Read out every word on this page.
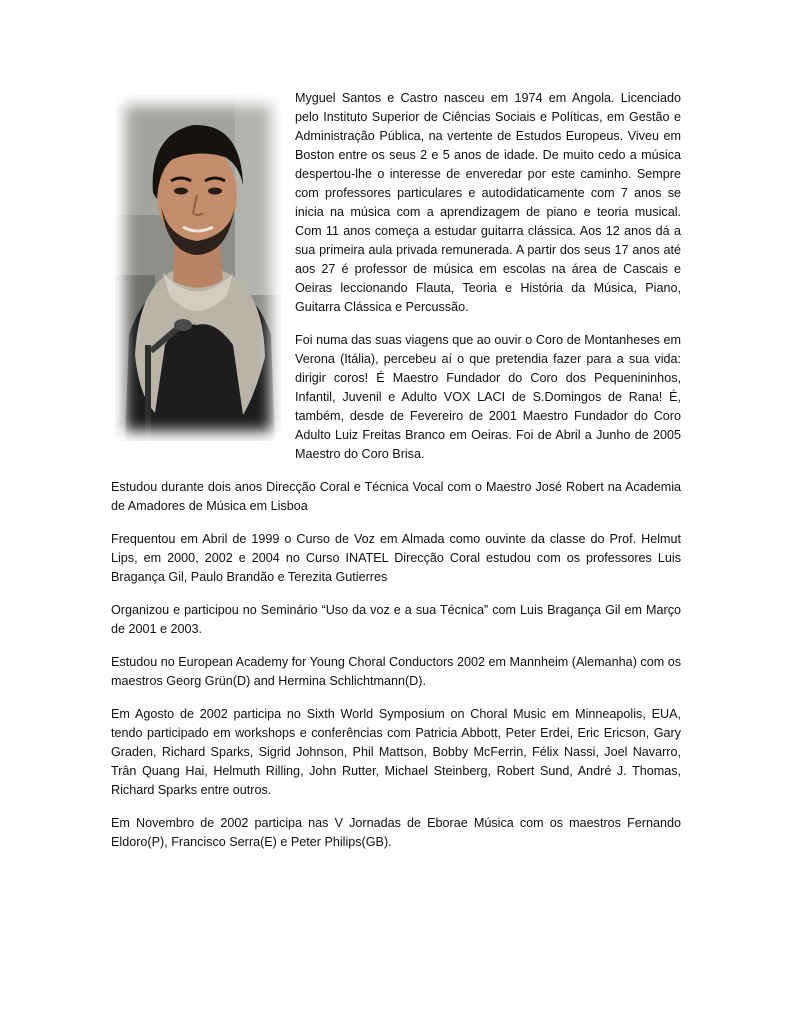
Myguel Santos e Castro nasceu em 1974 em Angola. Licenciado pelo Instituto Superior de Ciências Sociais e Políticas, em Gestão e Administração Pública, na vertente de Estudos Europeus. Viveu em Boston entre os seus 2 e 5 anos de idade. De muito cedo a música despertou-lhe o interesse de enveredar por este caminho. Sempre com professores particulares e autodidaticamente com 7 anos se inicia na música com a aprendizagem de piano e teoria musical. Com 11 anos começa a estudar guitarra clássica. Aos 12 anos dá a sua primeira aula privada remunerada. A partir dos seus 17 anos até aos 27 é professor de música em escolas na área de Cascais e Oeiras leccionando Flauta, Teoria e História da Música, Piano, Guitarra Clássica e Percussão.

Foi numa das suas viagens que ao ouvir o Coro de Montanheses em Verona (Itália), percebeu aí o que pretendia fazer para a sua vida: dirigir coros! É Maestro Fundador do Coro dos Pequenininhos, Infantil, Juvenil e Adulto VOX LACI de S.Domingos de Rana! É, também, desde de Fevereiro de 2001 Maestro Fundador do Coro Adulto Luiz Freitas Branco em Oeiras. Foi de Abril a Junho de 2005 Maestro do Coro Brisa.

Estudou durante dois anos Direcção Coral e Técnica Vocal com o Maestro José Robert na Academia de Amadores de Música em Lisboa

Frequentou em Abril de 1999 o Curso de Voz em Almada como ouvinte da classe do Prof. Helmut Lips, em 2000, 2002 e 2004 no Curso INATEL Direcção Coral estudou com os professores Luis Bragança Gil, Paulo Brandão e Terezita Gutierres

Organizou e participou no Seminário “Uso da voz e a sua Técnica” com Luis Bragança Gil em Março de 2001 e 2003.

Estudou no European Academy for Young Choral Conductors 2002 em Mannheim (Alemanha) com os maestros Georg Grün(D) and Hermina Schlichtmann(D).

Em Agosto de 2002 participa no Sixth World Symposium on Choral Music em Minneapolis, EUA, tendo participado em workshops e conferências com Patricia Abbott, Peter Erdei, Eric Ericson, Gary Graden, Richard Sparks, Sigrid Johnson, Phil Mattson, Bobby McFerrin, Félix Nassi, Joel Navarro, Trân Quang Hai, Helmuth Rilling, John Rutter, Michael Steinberg, Robert Sund, André J. Thomas, Richard Sparks entre outros.

Em Novembro de 2002 participa nas V Jornadas de Eborae Música com os maestros Fernando Eldoro(P), Francisco Serra(E) e Peter Philips(GB).
